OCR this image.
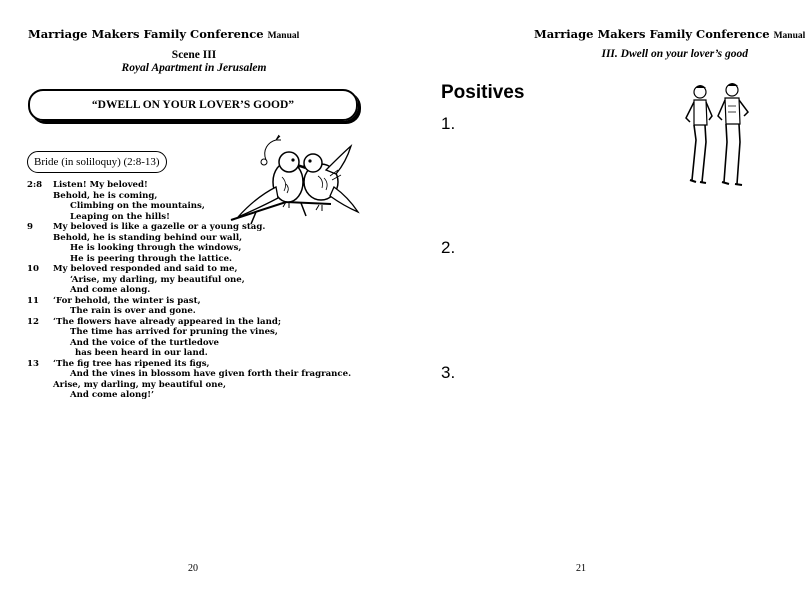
Marriage Makers Family Conference Manual
Scene III
Royal Apartment in Jerusalem
“DWELL ON YOUR LOVER’S GOOD”
Bride (in soliloquy) (2:8-13)
2:8 Listen! My beloved!
Behold, he is coming,
Climbing on the mountains,
Leaping on the hills!
9 My beloved is like a gazelle or a young stag.
Behold, he is standing behind our wall,
He is looking through the windows,
He is peering through the lattice.
10 My beloved responded and said to me,
‘Arise, my darling, my beautiful one,
And come along.
11 ‘For behold, the winter is past,
The rain is over and gone.
12 ‘The flowers have already appeared in the land;
The time has arrived for pruning the vines,
And the voice of the turtledove
has been heard in our land.
13 ‘The fig tree has ripened its figs,
And the vines in blossom have given forth their fragrance.
Arise, my darling, my beautiful one,
And come along!’
20
Marriage Makers Family Conference Manual
III. Dwell on your lover’s good
Positives
1.
2.
3.
21
